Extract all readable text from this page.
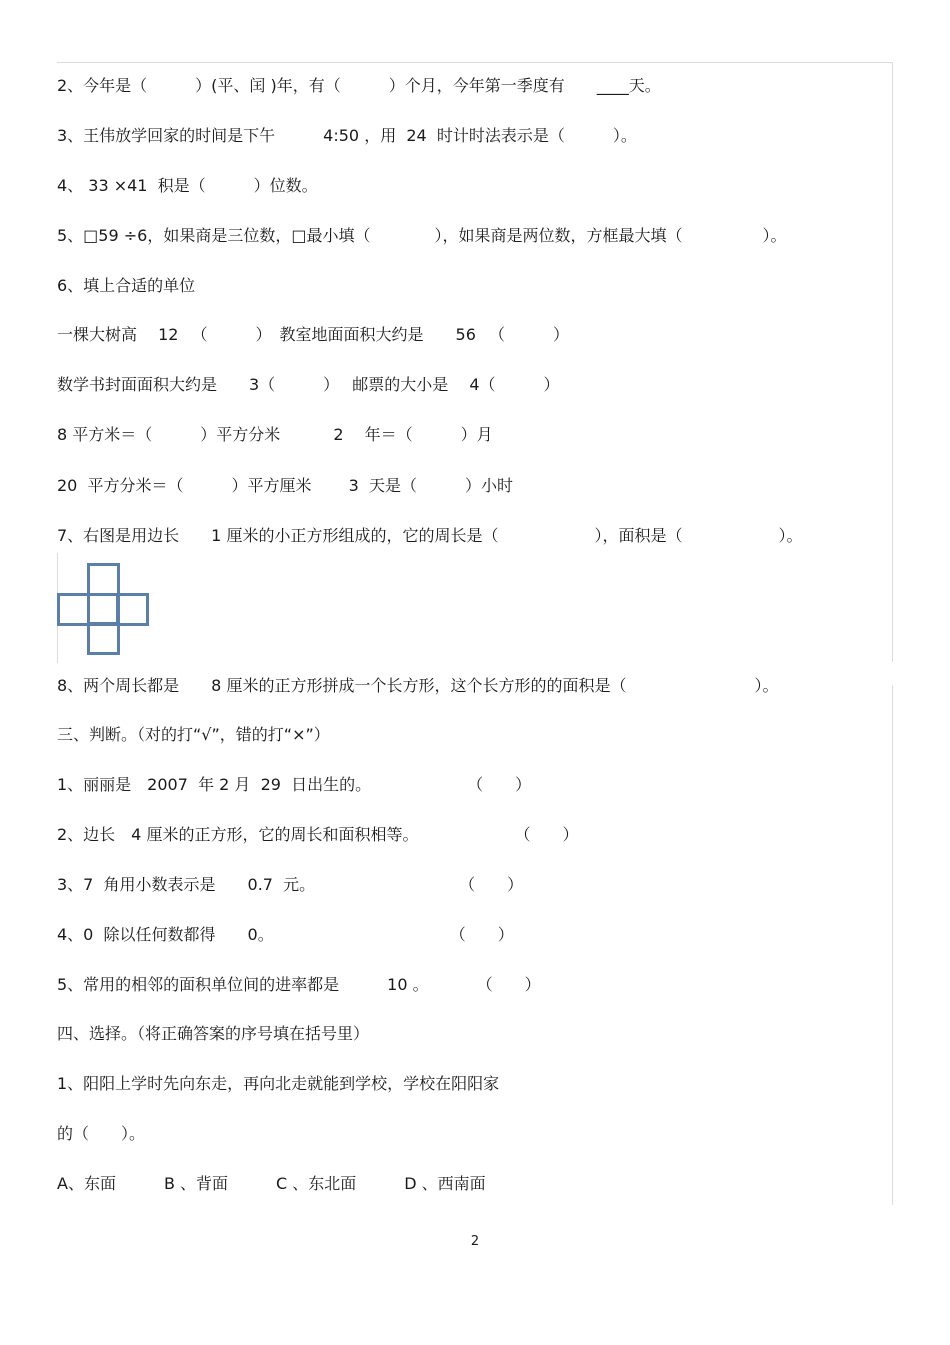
2、今年是（　　　）(平、闰 )年，有（　　　）个月，今年第一季度有　　____天。
3、王伟放学回家的时间是下午　　　4:50 ，用  24  时计时法表示是（　　　）。
4、 33 ×41  积是（　　　）位数。
5、□59 ÷6，如果商是三位数，□最小填（　　　　），如果商是两位数，方框最大填（　　　　　）。
6、填上合适的单位
一棵大树高　 12 　（　　　）　教室地面面积大约是　　56 　（　　　）
数学书封面面积大约是　　3（　　　）　 邮票的大小是　 4（　　　）
8 平方米＝（　　　）平方分米　　　 2 　年＝（　　　）月
20  平方分米＝（　　　）平方厘米　　 3  天是（　　　）小时
7、右图是用边长　　1 厘米的小正方形组成的，它的周长是（　　　　　　），面积是（　　　　　　）。
8、两个周长都是　　8 厘米的正方形拼成一个长方形，这个长方形的的面积是（　　　　　　　　）。
三、判断。（对的打“√”，错的打“×”）
1、丽丽是　2007  年 2 月  29  日出生的。　　　　　　　（　　）
2、边长　4 厘米的正方形，它的周长和面积相等。　　　　　　　（　　）
3、7  角用小数表示是　　0.7  元。　　　　　　　　　　（　　）
4、0  除以任何数都得　　0。　　　　　　　　　　　　（　　）
5、常用的相邻的面积单位间的进率都是　　　10 。　　　　（　　）
四、选择。（将正确答案的序号填在括号里）
1、阳阳上学时先向东走，再向北走就能到学校，学校在阳阳家
的（　　）。
A、东面　　　B 、背面　　　C 、东北面　　　D 、西南面
2
